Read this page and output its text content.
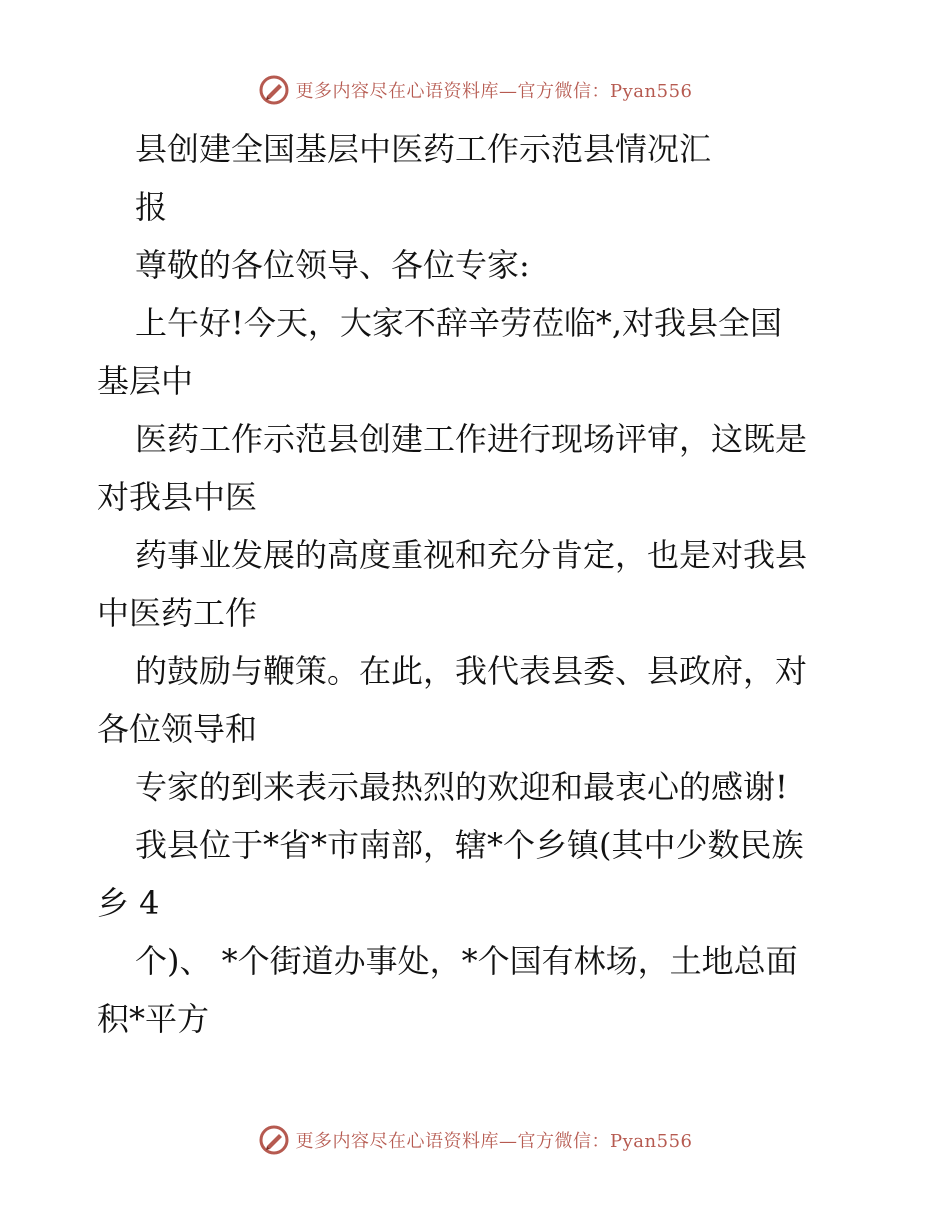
更多内容尽在心语资料库—官方微信：Pyan556
县创建全国基层中医药工作示范县情况汇
报
尊敬的各位领导、各位专家:
上午好!今天，大家不辞辛劳莅临*,对我县全国
基层中
医药工作示范县创建工作进行现场评审，这既是
对我县中医
药事业发展的高度重视和充分肯定，也是对我县
中医药工作
的鼓励与鞭策。在此，我代表县委、县政府，对
各位领导和
专家的到来表示最热烈的欢迎和最衷心的感谢!
我县位于*省*市南部，辖*个乡镇(其中少数民族
乡 4
个)、 *个街道办事处，*个国有林场，土地总面
积*平方
更多内容尽在心语资料库—官方微信：Pyan556
